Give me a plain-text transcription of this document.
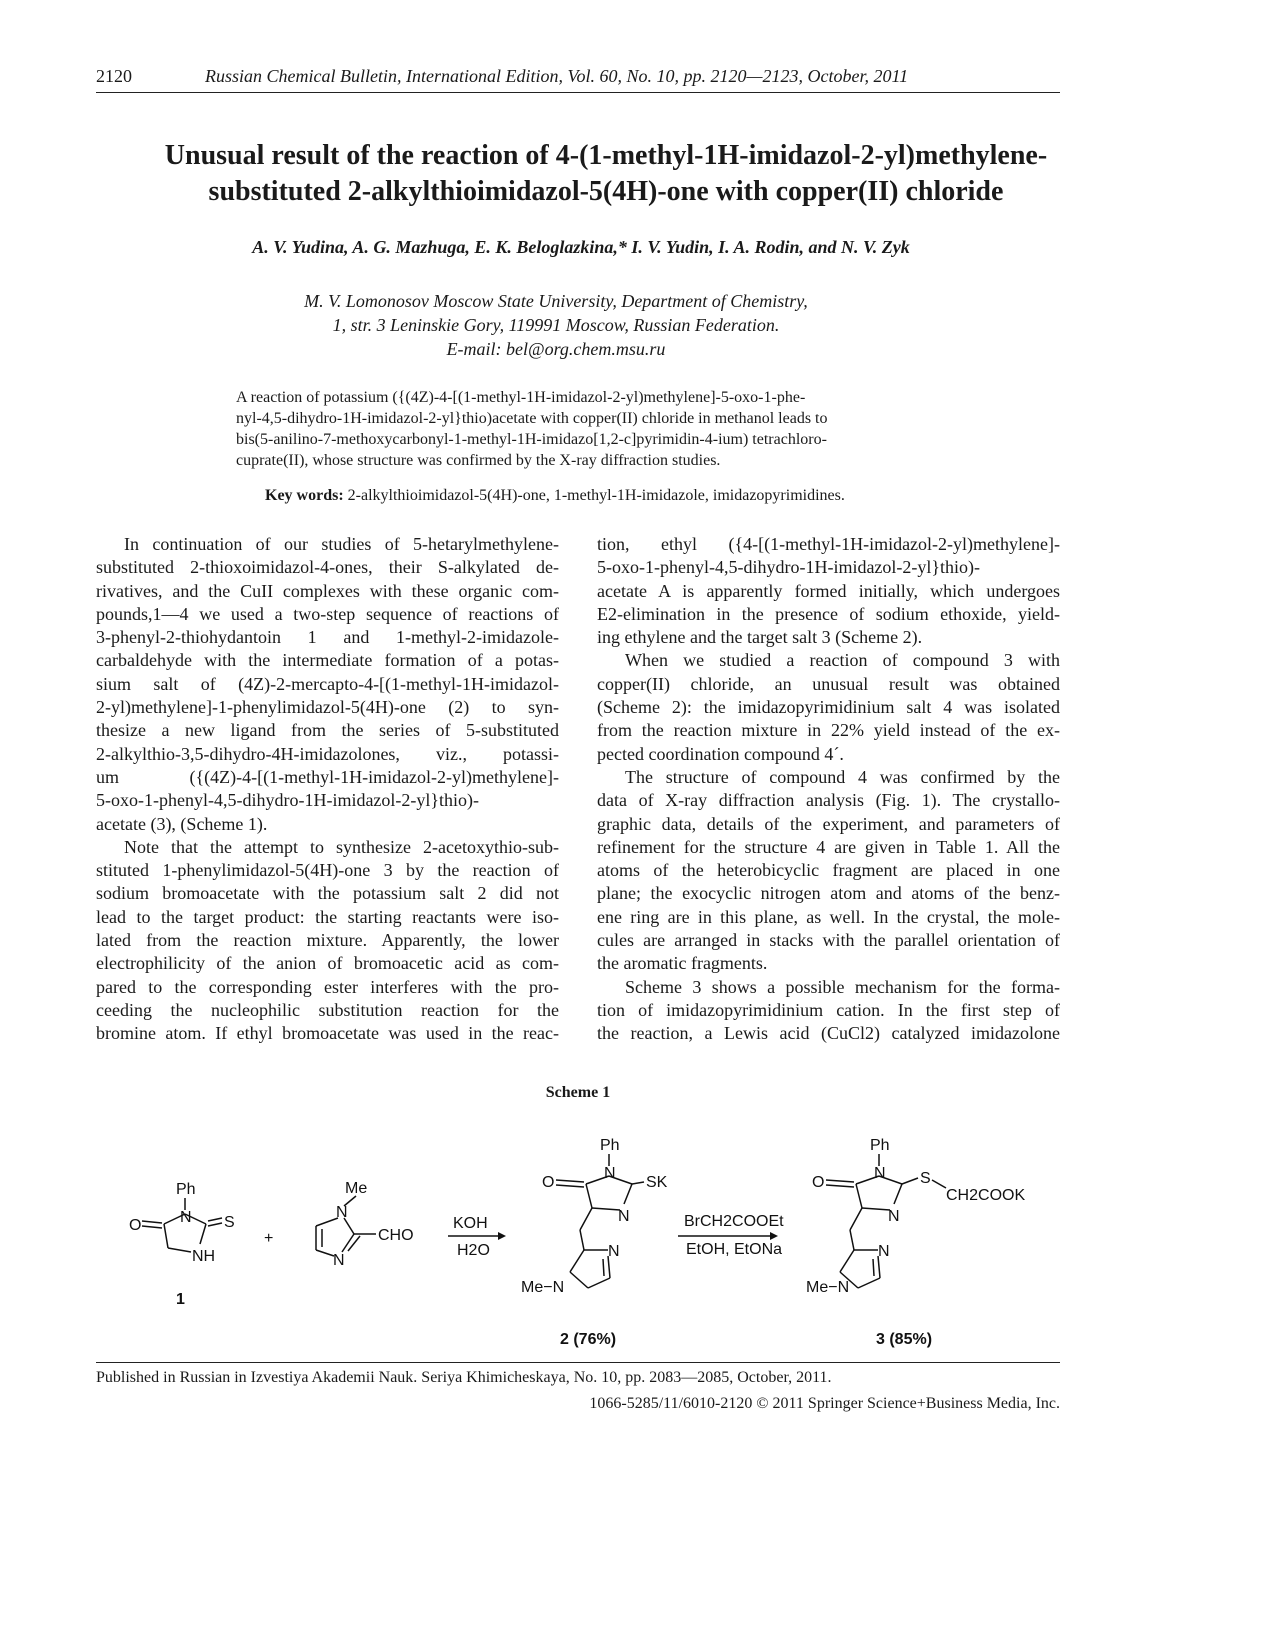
2120	Russian Chemical Bulletin, International Edition, Vol. 60, No. 10, pp. 2120—2123, October, 2011
Unusual result of the reaction of 4-(1-methyl-1H-imidazol-2-yl)methylene-
substituted 2-alkylthioimidazol-5(4H)-one with copper(II) chloride
A. V. Yudina, A. G. Mazhuga, E. K. Beloglazkina,* I. V. Yudin, I. A. Rodin, and N. V. Zyk
M. V. Lomonosov Moscow State University, Department of Chemistry,
1, str. 3 Leninskie Gory, 119991 Moscow, Russian Federation.
E-mail: bel@org.chem.msu.ru
A reaction of potassium ({(4Z)-4-[(1-methyl-1H-imidazol-2-yl)methylene]-5-oxo-1-phe-
nyl-4,5-dihydro-1H-imidazol-2-yl}thio)acetate with copper(II) chloride in methanol leads to
bis(5-anilino-7-methoxycarbonyl-1-methyl-1H-imidazo[1,2-c]pyrimidin-4-ium) tetrachloro-
cuprate(II), whose structure was confirmed by the X-ray diffraction studies.
Key words: 2-alkylthioimidazol-5(4H)-one, 1-methyl-1H-imidazole, imidazopyrimidines.
In continuation of our studies of 5-hetarylmethylene-
substituted 2-thioxoimidazol-4-ones, their S-alkylated de-
rivatives, and the CuII complexes with these organic com-
pounds,1—4 we used a two-step sequence of reactions of
3-phenyl-2-thiohydantoin 1 and 1-methyl-2-imidazole-
carbaldehyde with the intermediate formation of a potas-
sium salt of (4Z)-2-mercapto-4-[(1-methyl-1H-imidazol-
2-yl)methylene]-1-phenylimidazol-5(4H)-one (2) to syn-
thesize a new ligand from the series of 5-substituted
2-alkylthio-3,5-dihydro-4H-imidazolones, viz., potassi-
um ({(4Z)-4-[(1-methyl-1H-imidazol-2-yl)methylene]-
5-oxo-1-phenyl-4,5-dihydro-1H-imidazol-2-yl}thio)-
acetate (3), (Scheme 1).
Note that the attempt to synthesize 2-acetoxythio-sub-
stituted 1-phenylimidazol-5(4H)-one 3 by the reaction of
sodium bromoacetate with the potassium salt 2 did not
lead to the target product: the starting reactants were iso-
lated from the reaction mixture. Apparently, the lower
electrophilicity of the anion of bromoacetic acid as com-
pared to the corresponding ester interferes with the pro-
ceeding the nucleophilic substitution reaction for the
bromine atom. If ethyl bromoacetate was used in the reac-
tion, ethyl ({4-[(1-methyl-1H-imidazol-2-yl)methylene]-
5-oxo-1-phenyl-4,5-dihydro-1H-imidazol-2-yl}thio)-
acetate A is apparently formed initially, which undergoes
E2-elimination in the presence of sodium ethoxide, yield-
ing ethylene and the target salt 3 (Scheme 2).
When we studied a reaction of compound 3 with
copper(II) chloride, an unusual result was obtained
(Scheme 2): the imidazopyrimidinium salt 4 was isolated
from the reaction mixture in 22% yield instead of the ex-
pected coordination compound 4´.
The structure of compound 4 was confirmed by the
data of X-ray diffraction analysis (Fig. 1). The crystallo-
graphic data, details of the experiment, and parameters of
refinement for the structure 4 are given in Table 1. All the
atoms of the heterobicyclic fragment are placed in one
plane; the exocyclic nitrogen atom and atoms of the benz-
ene ring are in this plane, as well. In the crystal, the mole-
cules are arranged in stacks with the parallel orientation of
the aromatic fragments.
Scheme 3 shows a possible mechanism for the forma-
tion of imidazopyrimidinium cation. In the first step of
the reaction, a Lewis acid (CuCl2) catalyzed imidazolone
Scheme 1
Ph
N
O	S
NH
1
+
Me
N
N
CHO
KOH
H2O
Ph
N
O	SK
N
N
Me−N
2 (76%)
BrCH2COOEt
EtOH, EtONa
Ph
N
O	S
CH2COOK
N
N
Me−N
3 (85%)
Published in Russian in Izvestiya Akademii Nauk. Seriya Khimicheskaya, No. 10, pp. 2083—2085, October, 2011.
1066-5285/11/6010-2120 © 2011 Springer Science+Business Media, Inc.
